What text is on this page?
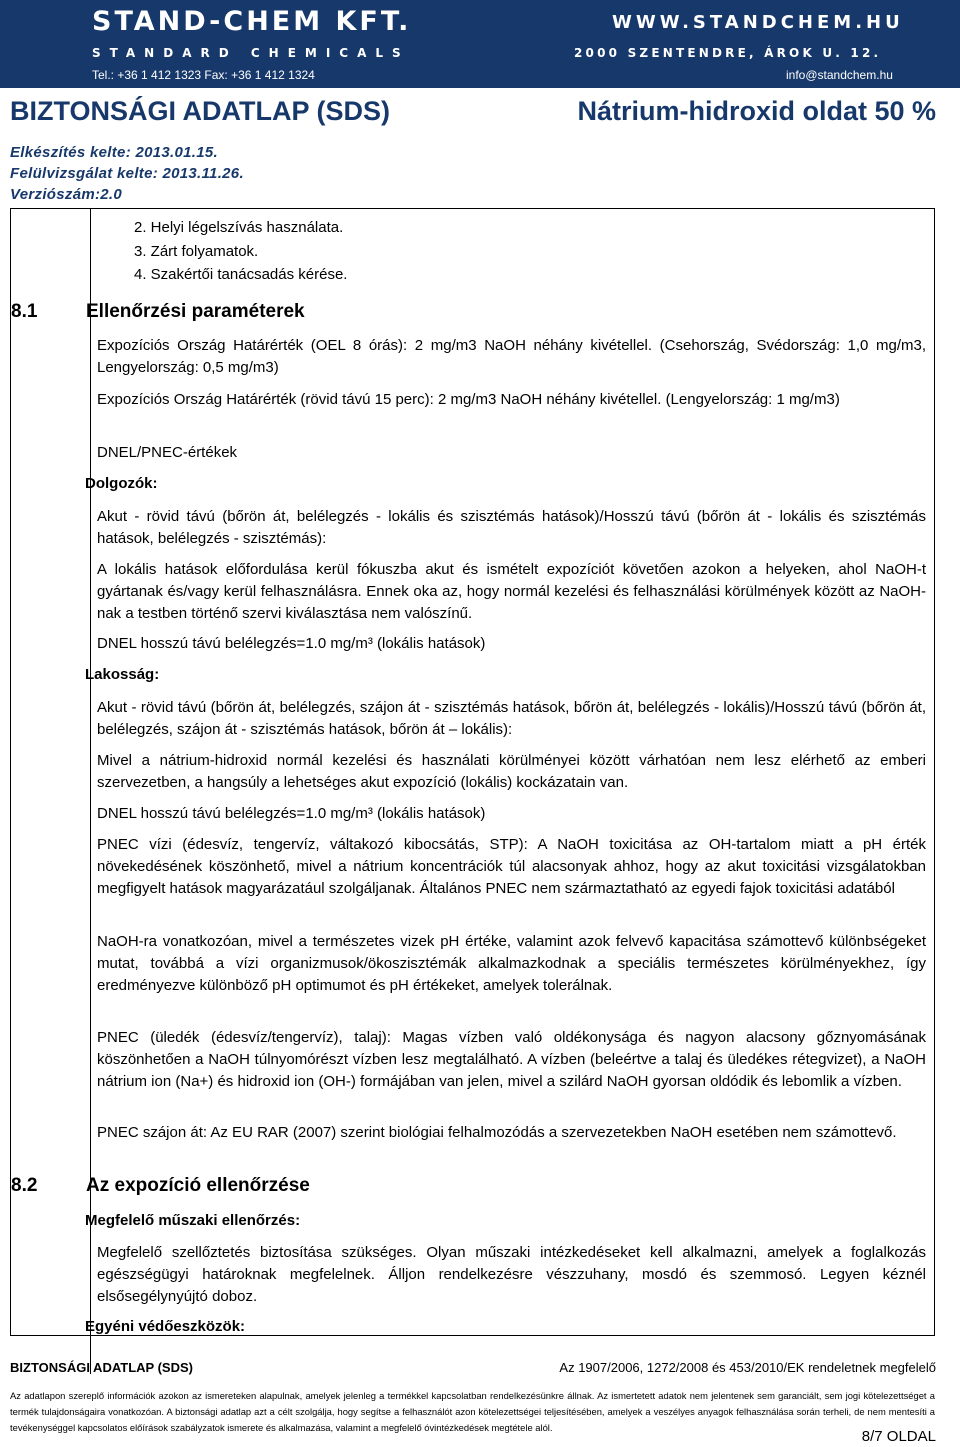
STAND-CHEM KFT.	WWW.STANDCHEM.HU
STANDARD CHEMICALS	2000 SZENTENDRE, ÁROK U. 12.
Tel.: +36 1 412 1323 Fax: +36 1 412 1324	info@standchem.hu
BIZTONSÁGI ADATLAP (SDS)	Nátrium-hidroxid oldat 50 %
Elkészítés kelte: 2013.01.15.
Felülvizsgálat kelte: 2013.11.26.
Verziószám:2.0
2. Helyi légelszívás használata.
3. Zárt folyamatok.
4. Szakértői tanácsadás kérése.
8.1	Ellenőrzési paraméterek
Expozíciós Ország Határérték (OEL 8 órás): 2 mg/m3 NaOH néhány kivétellel. (Csehország, Svédország: 1,0 mg/m3, Lengyelország: 0,5 mg/m3)
Expozíciós Ország Határérték (rövid távú 15 perc): 2 mg/m3 NaOH néhány kivétellel. (Lengyelország: 1 mg/m3)
DNEL/PNEC-értékek
Dolgozók:
Akut - rövid távú (bőrön át, belélegzés - lokális és szisztémás hatások)/Hosszú távú (bőrön át - lokális és szisztémás hatások, belélegzés - szisztémás):
A lokális hatások előfordulása kerül fókuszba akut és ismételt expozíciót követően azokon a helyeken, ahol NaOH-t gyártanak és/vagy kerül felhasználásra. Ennek oka az, hogy normál kezelési és felhasználási körülmények között az NaOH-nak a testben történő szervi kiválasztása nem valószínű.
DNEL hosszú távú belélegzés=1.0 mg/m³ (lokális hatások)
Lakosság:
Akut - rövid távú (bőrön át, belélegzés, szájon át - szisztémás hatások, bőrön át, belélegzés - lokális)/Hosszú távú (bőrön át, belélegzés, szájon át - szisztémás hatások, bőrön át – lokális):
Mivel a nátrium-hidroxid normál kezelési és használati körülményei között várhatóan nem lesz elérhető az emberi szervezetben, a hangsúly a lehetséges akut expozíció (lokális) kockázatain van.
DNEL hosszú távú belélegzés=1.0 mg/m³ (lokális hatások)
PNEC vízi (édesvíz, tengervíz, váltakozó kibocsátás, STP): A NaOH toxicitása az OH-tartalom miatt a pH érték növekedésének köszönhető, mivel a nátrium koncentrációk túl alacsonyak ahhoz, hogy az akut toxicitási vizsgálatokban megfigyelt hatások magyarázatául szolgáljanak. Általános PNEC nem származtatható az egyedi fajok toxicitási adatából
NaOH-ra vonatkozóan, mivel a természetes vizek pH értéke, valamint azok felvevő kapacitása számottevő különbségeket mutat, továbbá a vízi organizmusok/ökoszisztémák alkalmazkodnak a speciális természetes körülményekhez, így eredményezve különböző pH optimumot és pH értékeket, amelyek tolerálnak.
PNEC (üledék (édesvíz/tengervíz), talaj): Magas vízben való oldékonysága és nagyon alacsony gőznyomásának köszönhetően a NaOH túlnyomórészt vízben lesz megtalálható. A vízben (beleértve a talaj és üledékes rétegvizet), a NaOH nátrium ion (Na+) és hidroxid ion (OH-) formájában van jelen, mivel a szilárd NaOH gyorsan oldódik és lebomlik a vízben.
PNEC szájon át: Az EU RAR (2007) szerint biológiai felhalmozódás a szervezetekben NaOH esetében nem számottevő.
8.2	Az expozíció ellenőrzése
Megfelelő műszaki ellenőrzés:
Megfelelő szellőztetés biztosítása szükséges. Olyan műszaki intézkedéseket kell alkalmazni, amelyek a foglalkozás egészségügyi határoknak megfelelnek. Álljon rendelkezésre vészzuhany, mosdó és szemmosó. Legyen kéznél elsősegélynyújtó doboz.
Egyéni védőeszközök:
BIZTONSÁGI ADATLAP (SDS)	Az 1907/2006, 1272/2008 és 453/2010/EK rendeletnek megfelelő
Az adatlapon szereplő információk azokon az ismereteken alapulnak, amelyek jelenleg a termékkel kapcsolatban rendelkezésünkre állnak. Az ismertetett adatok nem jelentenek sem garanciált, sem jogi kötelezettséget a termék tulajdonságaira vonatkozóan. A biztonsági adatlap azt a célt szolgálja, hogy segítse a felhasználót azon kötelezettségei teljesítésében, amelyek a veszélyes anyagok felhasználása során terheli, de nem mentesíti a tevékenységgel kapcsolatos előírások szabályzatok ismerete és alkalmazása, valamint a megfelelő óvintézkedések megtétele alól.
8/7 OLDAL
